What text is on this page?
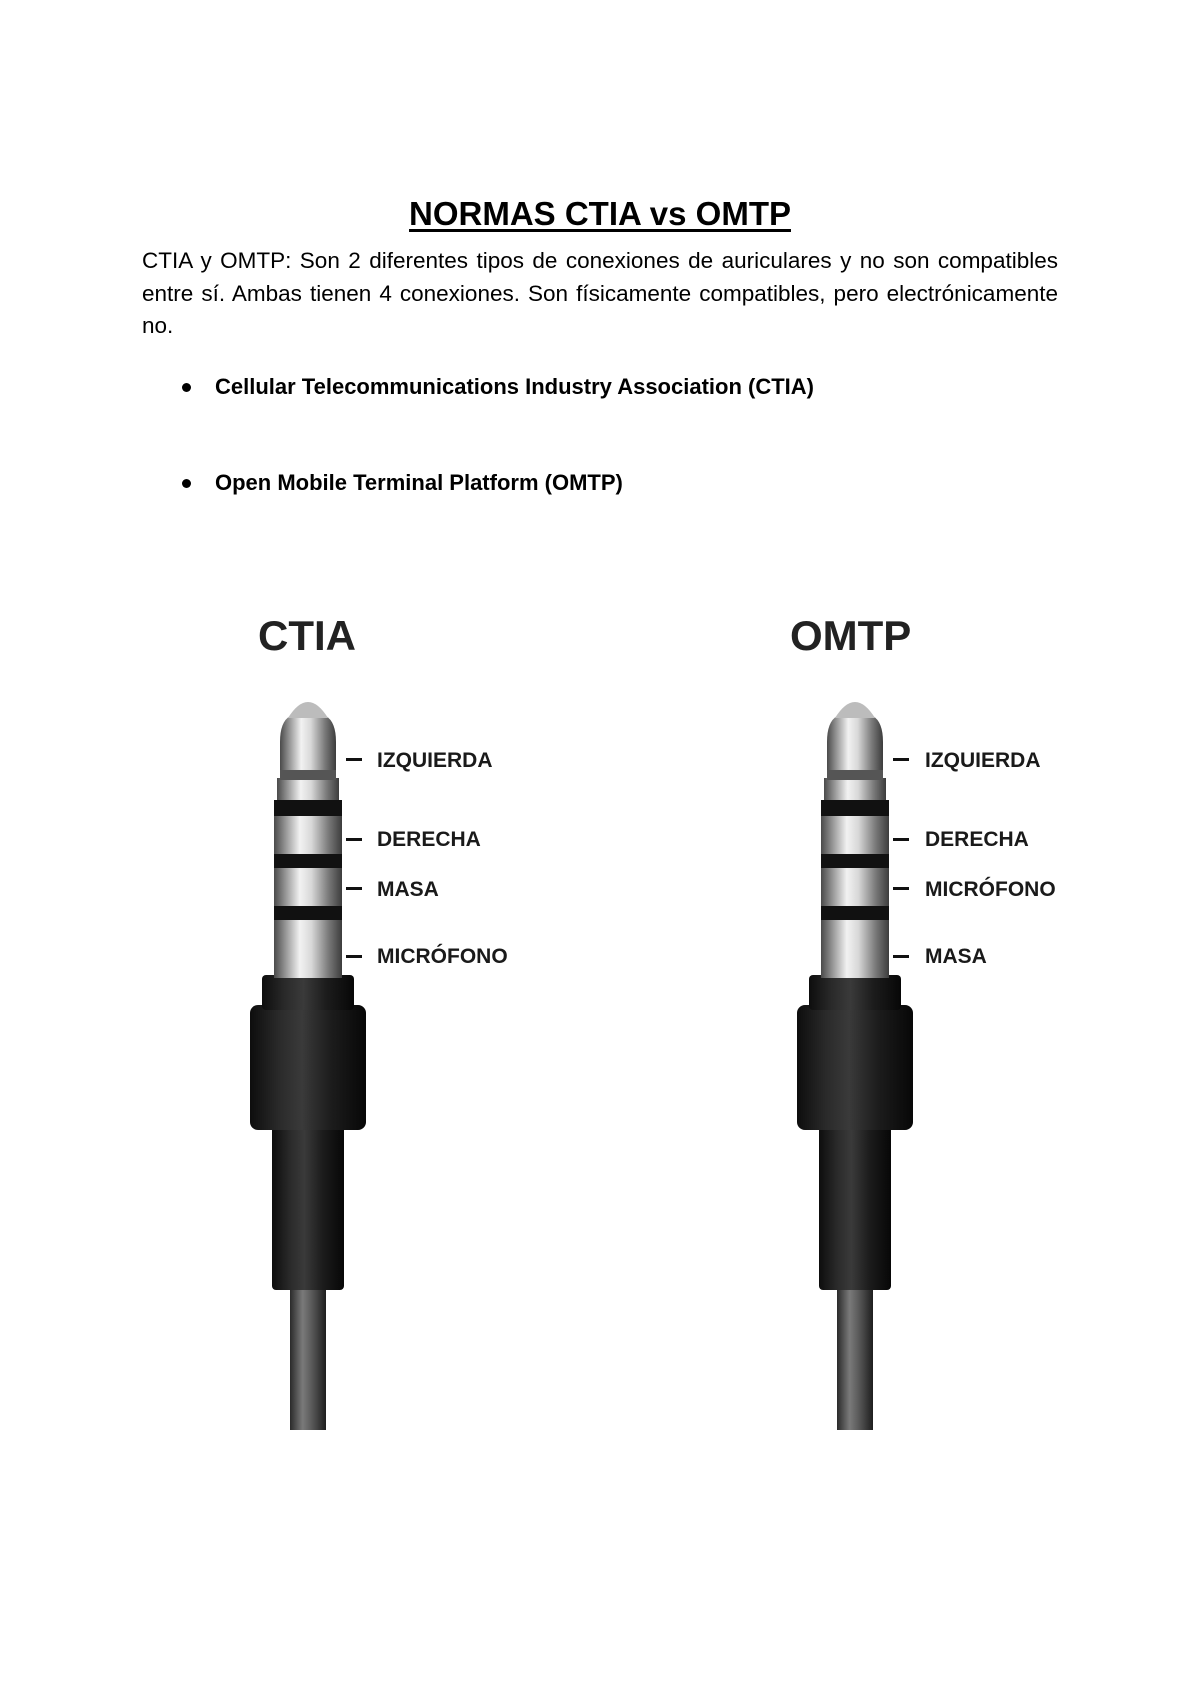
NORMAS CTIA vs OMTP

CTIA y OMTP: Son 2 diferentes tipos de conexiones de auriculares y no son compatibles entre sí. Ambas tienen 4 conexiones. Son físicamente compatibles, pero electrónicamente no.

Cellular Telecommunications Industry Association (CTIA)
Open Mobile Terminal Platform (OMTP)
CTIA
IZQUIERDA
DERECHA
MASA
MICRÓFONO
OMTP
IZQUIERDA
DERECHA
MICRÓFONO
MASA
